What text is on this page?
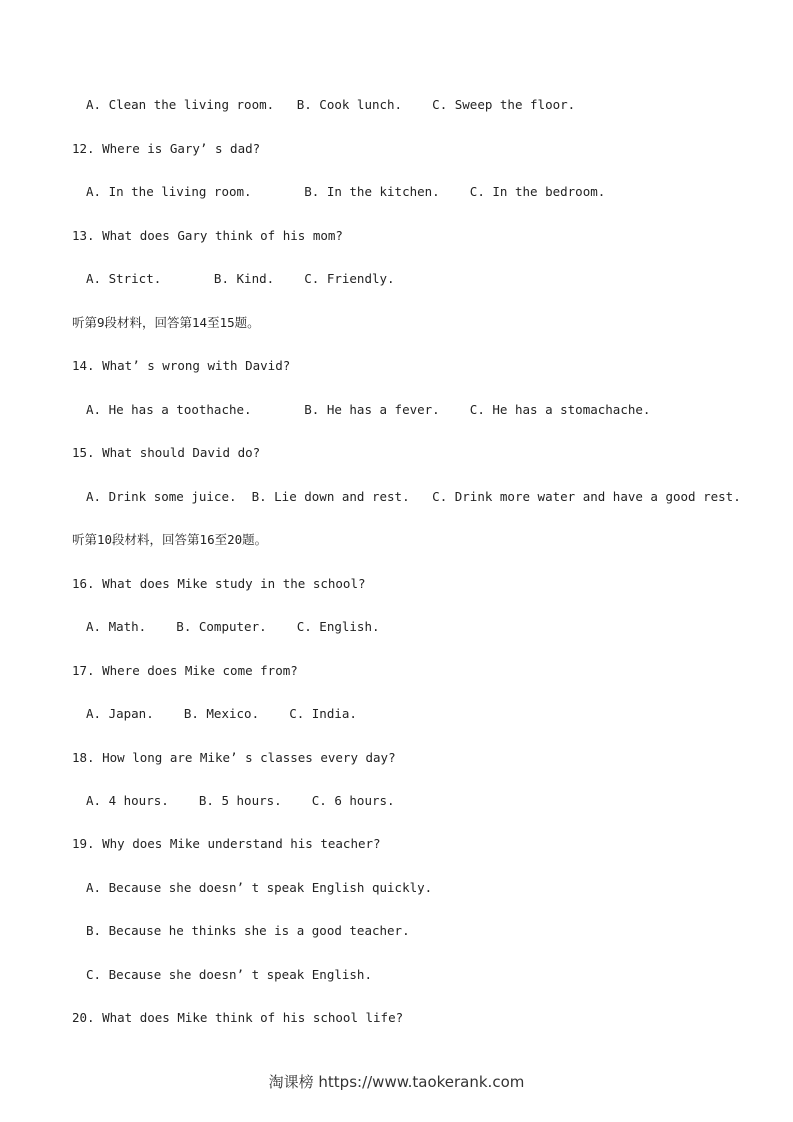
A. Clean the living room.   B. Cook lunch.    C. Sweep the floor.
12. Where is Gary’ s dad?
A. In the living room.       B. In the kitchen.    C. In the bedroom.
13. What does Gary think of his mom?
A. Strict.       B. Kind.    C. Friendly.
听第9段材料，回答第14至15题。
14. What’ s wrong with David?
A. He has a toothache.       B. He has a fever.    C. He has a stomachache.
15. What should David do?
A. Drink some juice.  B. Lie down and rest.   C. Drink more water and have a good rest.
听第10段材料，回答第16至20题。
16. What does Mike study in the school?
A. Math.    B. Computer.    C. English.
17. Where does Mike come from?
A. Japan.    B. Mexico.    C. India.
18. How long are Mike’ s classes every day?
A. 4 hours.    B. 5 hours.    C. 6 hours.
19. Why does Mike understand his teacher?
A. Because she doesn’ t speak English quickly.
B. Because he thinks she is a good teacher.
C. Because she doesn’ t speak English.
20. What does Mike think of his school life?
淘课榜 https://www.taokerank.com
